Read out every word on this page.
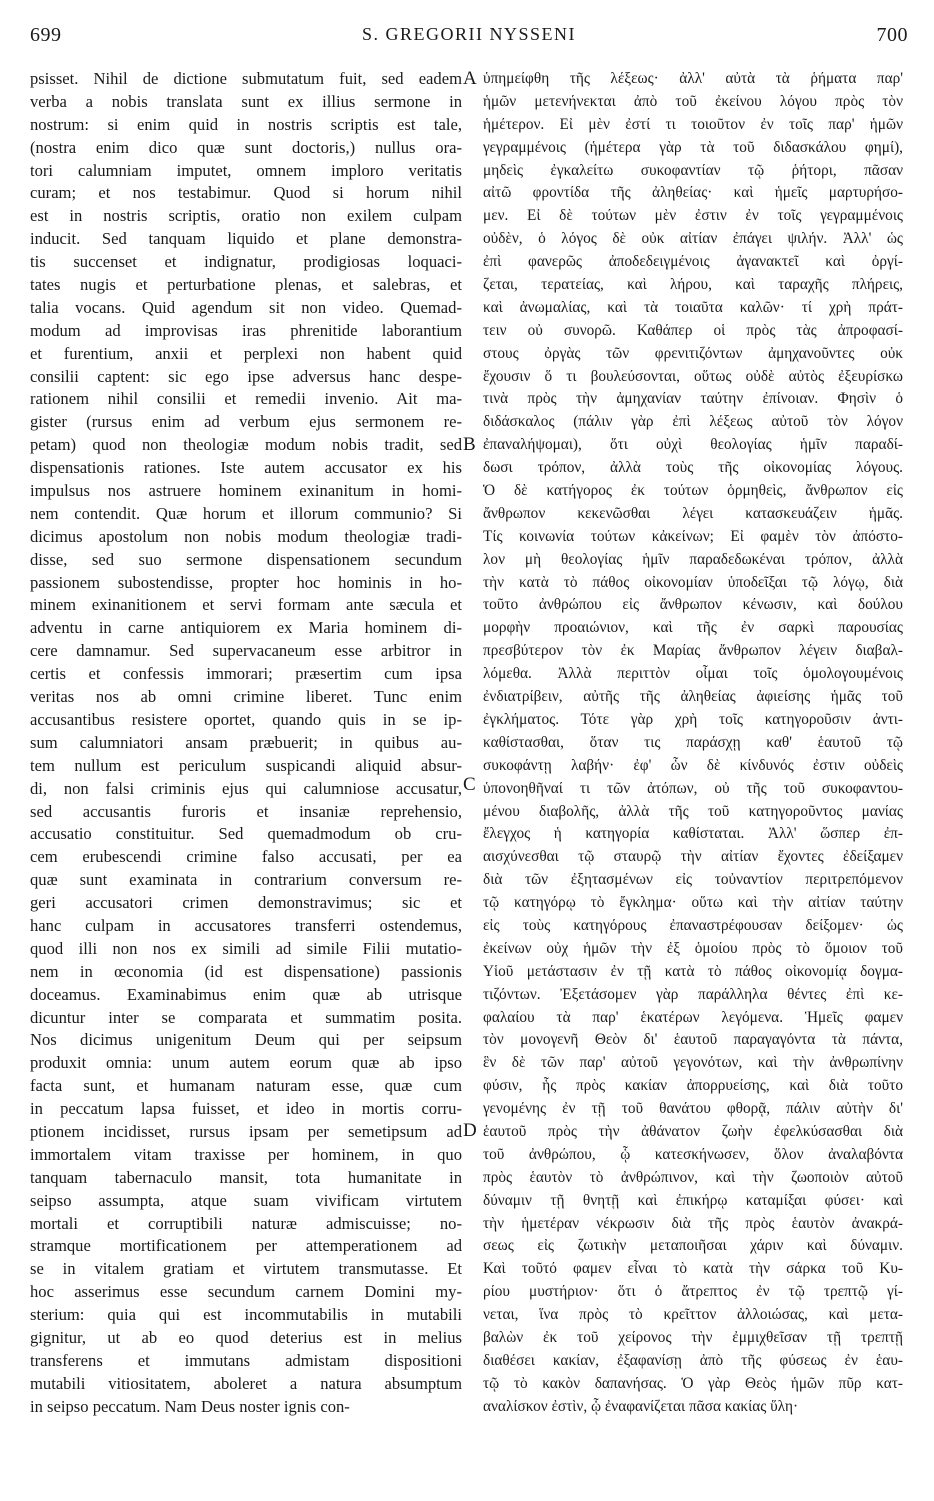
699	S. GREGORII NYSSENI	700
psisset. Nihil de dictione submutatum fuit, sed eadem
verba a nobis translata sunt ex illius sermone in
nostrum: si enim quid in nostris scriptis est tale,
(nostra enim dico quæ sunt doctoris,) nullus ora-
tori calumniam imputet, omnem imploro veritatis
curam; et nos testabimur. Quod si horum nihil
est in nostris scriptis, oratio non exilem culpam
inducit. Sed tanquam liquido et plane demonstra-
tis succenset et indignatur, prodigiosas loquaci-
tates nugis et perturbatione plenas, et salebras, et
talia vocans. Quid agendum sit non video. Quemad-
modum ad improvisas iras phrenitide laborantium
et furentium, anxii et perplexi non habent quid
consilii captent: sic ego ipse adversus hanc despe-
rationem nihil consilii et remedii invenio. Ait ma-
gister (rursus enim ad verbum ejus sermonem re-
petam) quod non theologiæ modum nobis tradit, sed
dispensationis rationes. Iste autem accusator ex his
impulsus nos astruere hominem exinanitum in homi-
nem contendit. Quæ horum et illorum communio? Si
dicimus apostolum non nobis modum theologiæ tradi-
disse, sed suo sermone dispensationem secundum
passionem subostendisse, propter hoc hominis in ho-
minem exinanitionem et servi formam ante sæcula et
adventu in carne antiquiorem ex Maria hominem di-
cere damnamur. Sed supervacaneum esse arbitror in
certis et confessis immorari; præsertim cum ipsa
veritas nos ab omni crimine liberet. Tunc enim
accusantibus resistere oportet, quando quis in se ip-
sum calumniatori ansam præbuerit; in quibus au-
tem nullum est periculum suspicandi aliquid absur-
di, non falsi criminis ejus qui calumniose accusatur,
sed accusantis furoris et insaniæ reprehensio,
accusatio constituitur. Sed quemadmodum ob cru-
cem erubescendi crimine falso accusati, per ea
quæ sunt examinata in contrarium conversum re-
geri accusatori crimen demonstravimus; sic et
hanc culpam in accusatores transferri ostendemus,
quod illi non nos ex simili ad simile Filii mutatio-
nem in œconomia (id est dispensatione) passionis
doceamus. Examinabimus enim quæ ab utrisque
dicuntur inter se comparata et summatim posita.
Nos dicimus unigenitum Deum qui per seipsum
produxit omnia: unum autem eorum quæ ab ipso
facta sunt, et humanam naturam esse, quæ cum
in peccatum lapsa fuisset, et ideo in mortis corru-
ptionem incidisset, rursus ipsam per semetipsum ad
immortalem vitam traxisse per hominem, in quo
tanquam tabernaculo mansit, tota humanitate in
seipso assumpta, atque suam vivificam virtutem
mortali et corruptibili naturæ admiscuisse; no-
stramque mortificationem per attemperationem ad
se in vitalem gratiam et virtutem transmutasse. Et
hoc asserimus esse secundum carnem Domini my-
sterium: quia qui est incommutabilis in mutabili
gignitur, ut ab eo quod deterius est in melius
transferens et immutans admistam dispositioni
mutabili vitiositatem, aboleret a natura absumptum
in seipso peccatum. Nam Deus noster ignis con-
ὑπημείφθη τῆς λέξεως· ἀλλ' αὐτὰ τὰ ῥήματα παρ'
ἡμῶν μετενήνεκται ἀπὸ τοῦ ἐκείνου λόγου πρὸς τὸν
ἡμέτερον. Εἰ μὲν ἐστί τι τοιοῦτον ἐν τοῖς παρ' ἡμῶν
γεγραμμένοις (ἡμέτερα γὰρ τὰ τοῦ διδασκάλου φημί),
μηδεὶς ἐγκαλείτω συκοφαντίαν τῷ ῥήτορι, πᾶσαν
αἰτῶ φροντίδα τῆς ἀληθείας· καὶ ἡμεῖς μαρτυρήσο-
μεν. Εἰ δὲ τούτων μὲν ἐστιν ἐν τοῖς γεγραμμένοις
οὐδὲν, ὁ λόγος δὲ οὐκ αἰτίαν ἐπάγει ψιλήν. Ἀλλ' ὡς
ἐπὶ φανερῶς ἀποδεδειγμένοις ἀγανακτεῖ καὶ ὀργί-
ζεται, τερατείας, καὶ λήρου, καὶ ταραχῆς πλήρεις,
καὶ ἀνωμαλίας, καὶ τὰ τοιαῦτα καλῶν· τί χρὴ πράτ-
τειν οὐ συνορῶ. Καθάπερ οἱ πρὸς τὰς ἀπροφασί-
στους ὀργὰς τῶν φρενιτιζόντων ἀμηχανοῦντες οὐκ
ἔχουσιν ὅ τι βουλεύσονται, οὕτως οὐδὲ αὐτὸς ἐξευρίσκω
τινὰ πρὸς τὴν ἀμηχανίαν ταύτην ἐπίνοιαν. Φησὶν ὁ
διδάσκαλος (πάλιν γὰρ ἐπὶ λέξεως αὐτοῦ τὸν λόγον
ἐπαναλήψομαι), ὅτι οὐχὶ θεολογίας ἡμῖν παραδί-
δωσι τρόπον, ἀλλὰ τοὺς τῆς οἰκονομίας λόγους.
Ὁ δὲ κατήγορος ἐκ τούτων ὁρμηθεὶς, ἄνθρωπον εἰς
ἄνθρωπον κεκενῶσθαι λέγει κατασκευάζειν ἡμᾶς.
Τίς κοινωνία τούτων κἀκείνων; Εἰ φαμὲν τὸν ἀπόστο-
λον μὴ θεολογίας ἡμῖν παραδεδωκέναι τρόπον, ἀλλὰ
τὴν κατὰ τὸ πάθος οἰκονομίαν ὑποδεῖξαι τῷ λόγῳ, διὰ
τοῦτο ἀνθρώπου εἰς ἄνθρωπον κένωσιν, καὶ δούλου
μορφὴν προαιώνιον, καὶ τῆς ἐν σαρκὶ παρουσίας
πρεσβύτερον τὸν ἐκ Μαρίας ἄνθρωπον λέγειν διαβαλ-
λόμεθα. Ἀλλὰ περιττὸν οἶμαι τοῖς ὁμολογουμένοις
ἐνδιατρίβειν, αὐτῆς τῆς ἀληθείας ἀφιείσης ἡμᾶς τοῦ
ἐγκλήματος. Τότε γὰρ χρὴ τοῖς κατηγοροῦσιν ἀντι-
καθίστασθαι, ὅταν τις παράσχῃ καθ' ἑαυτοῦ τῷ
συκοφάντῃ λαβήν· ἐφ' ὧν δὲ κίνδυνός ἐστιν οὐδεὶς
ὑπονοηθῆναί τι τῶν ἀτόπων, οὐ τῆς τοῦ συκοφαντου-
μένου διαβολῆς, ἀλλὰ τῆς τοῦ κατηγοροῦντος μανίας
ἔλεγχος ἡ κατηγορία καθίσταται. Ἀλλ' ὥσπερ ἐπ-
αισχύνεσθαι τῷ σταυρῷ τὴν αἰτίαν ἔχοντες ἐδείξαμεν
διὰ τῶν ἐξητασμένων εἰς τοὐναντίον περιτρεπόμενον
τῷ κατηγόρῳ τὸ ἔγκλημα· οὕτω καὶ τὴν αἰτίαν ταύτην
εἰς τοὺς κατηγόρους ἐπαναστρέφουσαν δείξομεν· ὡς
ἐκείνων οὐχ ἡμῶν τὴν ἐξ ὁμοίου πρὸς τὸ ὅμοιον τοῦ
Υἱοῦ μετάστασιν ἐν τῇ κατὰ τὸ πάθος οἰκονομίᾳ δογμα-
τιζόντων. Ἐξετάσομεν γὰρ παράλληλα θέντες ἐπὶ κε-
φαλαίου τὰ παρ' ἑκατέρων λεγόμενα. Ἡμεῖς φαμεν
τὸν μονογενῆ Θεὸν δι' ἑαυτοῦ παραγαγόντα τὰ πάντα,
ἓν δὲ τῶν παρ' αὐτοῦ γεγονότων, καὶ τὴν ἀνθρωπίνην
φύσιν, ἧς πρὸς κακίαν ἀπορρυείσης, καὶ διὰ τοῦτο
γενομένης ἐν τῇ τοῦ θανάτου φθορᾷ, πάλιν αὐτὴν δι'
ἑαυτοῦ πρὸς τὴν ἀθάνατον ζωὴν ἐφελκύσασθαι διὰ
τοῦ ἀνθρώπου, ᾧ κατεσκήνωσεν, ὅλον ἀναλαβόντα
πρὸς ἑαυτὸν τὸ ἀνθρώπινον, καὶ τὴν ζωοποιὸν αὐτοῦ
δύναμιν τῇ θνητῇ καὶ ἐπικήρῳ καταμίξαι φύσει· καὶ
τὴν ἡμετέραν νέκρωσιν διὰ τῆς πρὸς ἑαυτὸν ἀνακρά-
σεως εἰς ζωτικὴν μεταποιῆσαι χάριν καὶ δύναμιν.
Καὶ τοῦτό φαμεν εἶναι τὸ κατὰ τὴν σάρκα τοῦ Κυ-
ρίου μυστήριον· ὅτι ὁ ἄτρεπτος ἐν τῷ τρεπτῷ γί-
νεται, ἵνα πρὸς τὸ κρεῖττον ἀλλοιώσας, καὶ μετα-
βαλὼν ἐκ τοῦ χείρονος τὴν ἐμμιχθεῖσαν τῇ τρεπτῇ
διαθέσει κακίαν, ἐξαφανίσῃ ἀπὸ τῆς φύσεως ἐν ἑαυ-
τῷ τὸ κακὸν δαπανήσας. Ὁ γὰρ Θεὸς ἡμῶν πῦρ κατ-
αναλίσκον ἐστὶν, ᾧ ἐναφανίζεται πᾶσα κακίας ὕλη·
A
B
C
D
